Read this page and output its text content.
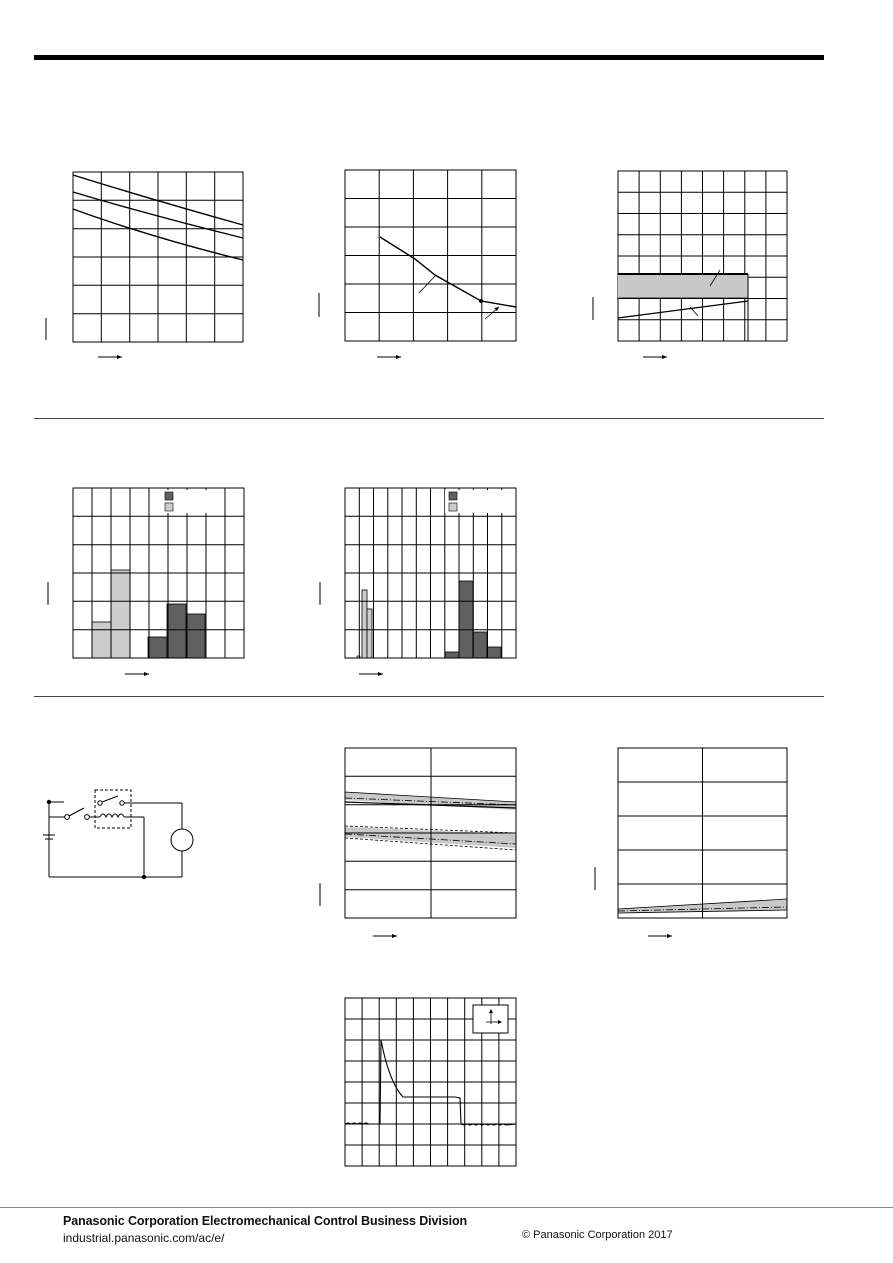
Panasonic Corporation Electromechanical Control Business Division
industrial.panasonic.com/ac/e/	© Panasonic Corporation 2017
